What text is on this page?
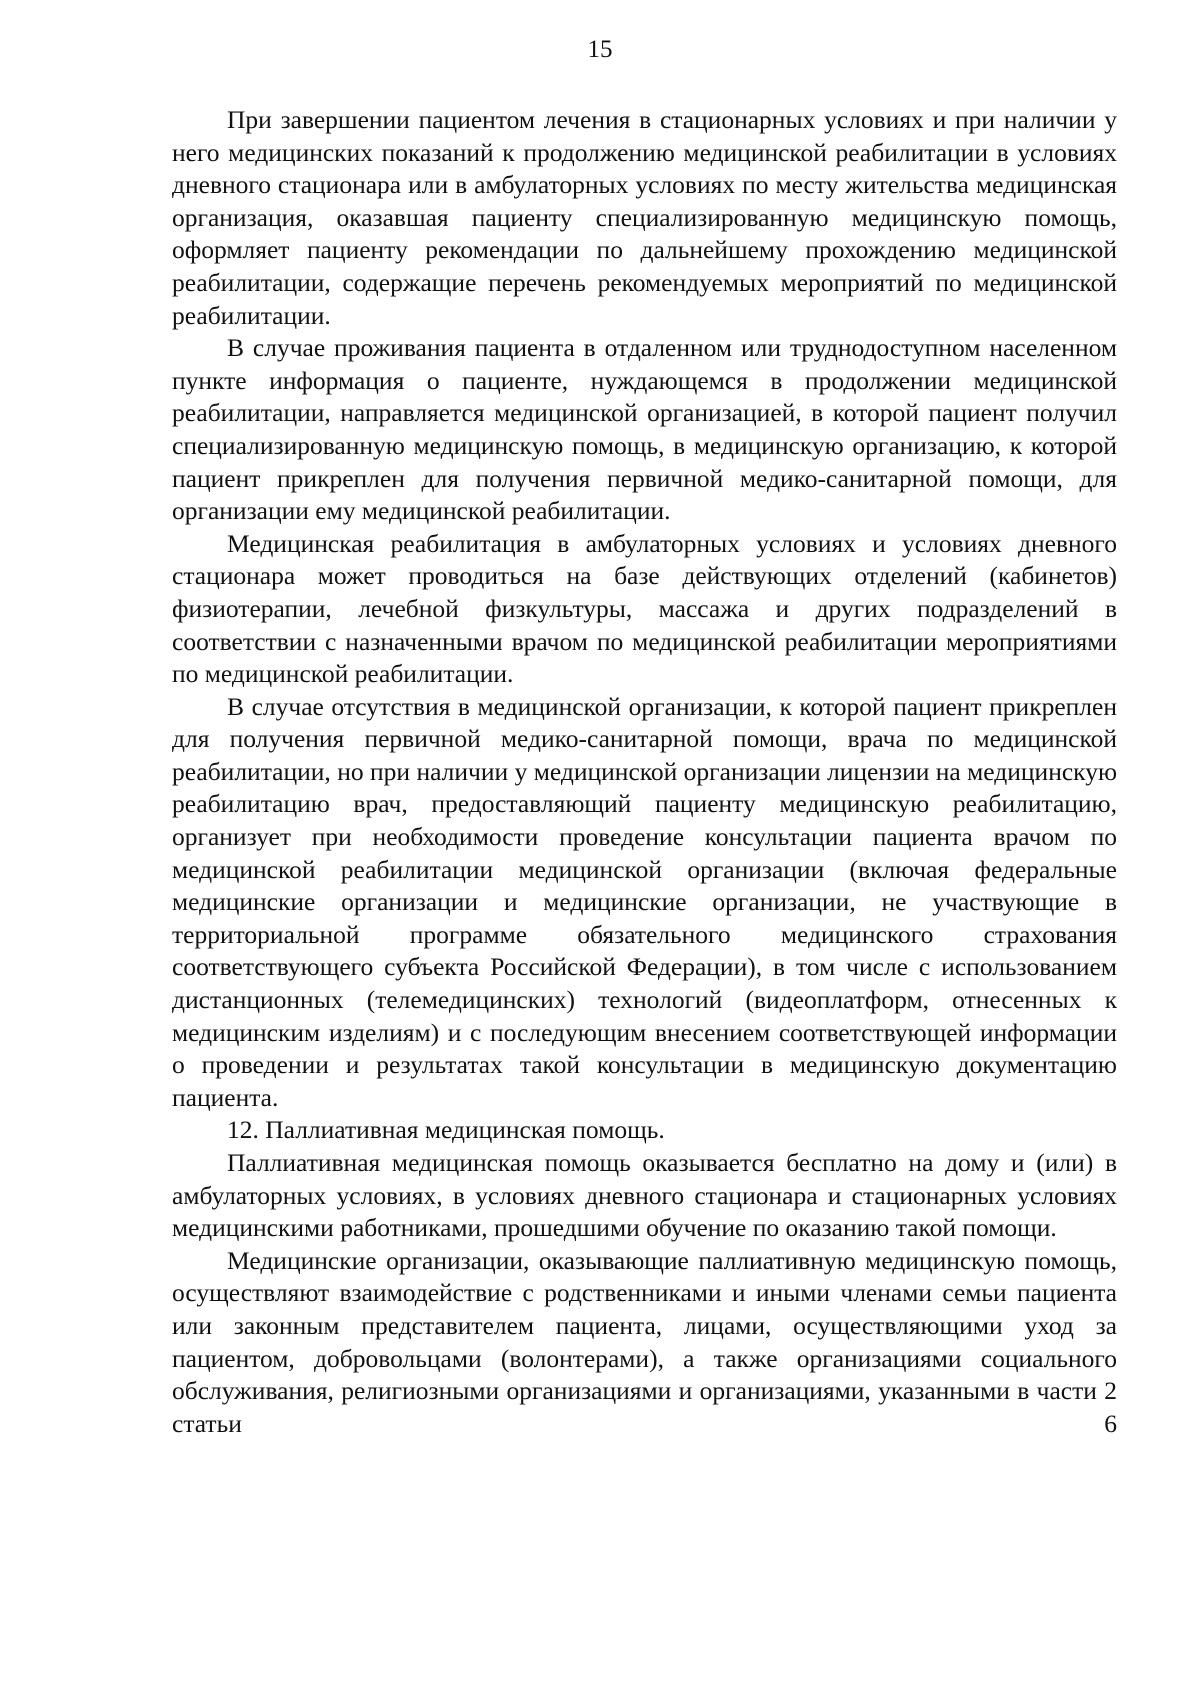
15

При завершении пациентом лечения в стационарных условиях и при наличии у него медицинских показаний к продолжению медицинской реабилитации в условиях дневного стационара или в амбулаторных условиях по месту жительства медицинская организация, оказавшая пациенту специализированную медицинскую помощь, оформляет пациенту рекомендации по дальнейшему прохождению медицинской реабилитации, содержащие перечень рекомендуемых мероприятий по медицинской реабилитации.

В случае проживания пациента в отдаленном или труднодоступном населенном пункте информация о пациенте, нуждающемся в продолжении медицинской реабилитации, направляется медицинской организацией, в которой пациент получил специализированную медицинскую помощь, в медицинскую организацию, к которой пациент прикреплен для получения первичной медико-санитарной помощи, для организации ему медицинской реабилитации.

Медицинская реабилитация в амбулаторных условиях и условиях дневного стационара может проводиться на базе действующих отделений (кабинетов) физиотерапии, лечебной физкультуры, массажа и других подразделений в соответствии с назначенными врачом по медицинской реабилитации мероприятиями по медицинской реабилитации.

В случае отсутствия в медицинской организации, к которой пациент прикреплен для получения первичной медико-санитарной помощи, врача по медицинской реабилитации, но при наличии у медицинской организации лицензии на медицинскую реабилитацию врач, предоставляющий пациенту медицинскую реабилитацию, организует при необходимости проведение консультации пациента врачом по медицинской реабилитации медицинской организации (включая федеральные медицинские организации и медицинские организации, не участвующие в территориальной программе обязательного медицинского страхования соответствующего субъекта Российской Федерации), в том числе с использованием дистанционных (телемедицинских) технологий (видеоплатформ, отнесенных к медицинским изделиям) и с последующим внесением соответствующей информации о проведении и результатах такой консультации в медицинскую документацию пациента.

12. Паллиативная медицинская помощь.

Паллиативная медицинская помощь оказывается бесплатно на дому и (или) в амбулаторных условиях, в условиях дневного стационара и стационарных условиях медицинскими работниками, прошедшими обучение по оказанию такой помощи.

Медицинские организации, оказывающие паллиативную медицинскую помощь, осуществляют взаимодействие с родственниками и иными членами семьи пациента или законным представителем пациента, лицами, осуществляющими уход за пациентом, добровольцами (волонтерами), а также организациями социального обслуживания, религиозными организациями и организациями, указанными в части 2 статьи 6
